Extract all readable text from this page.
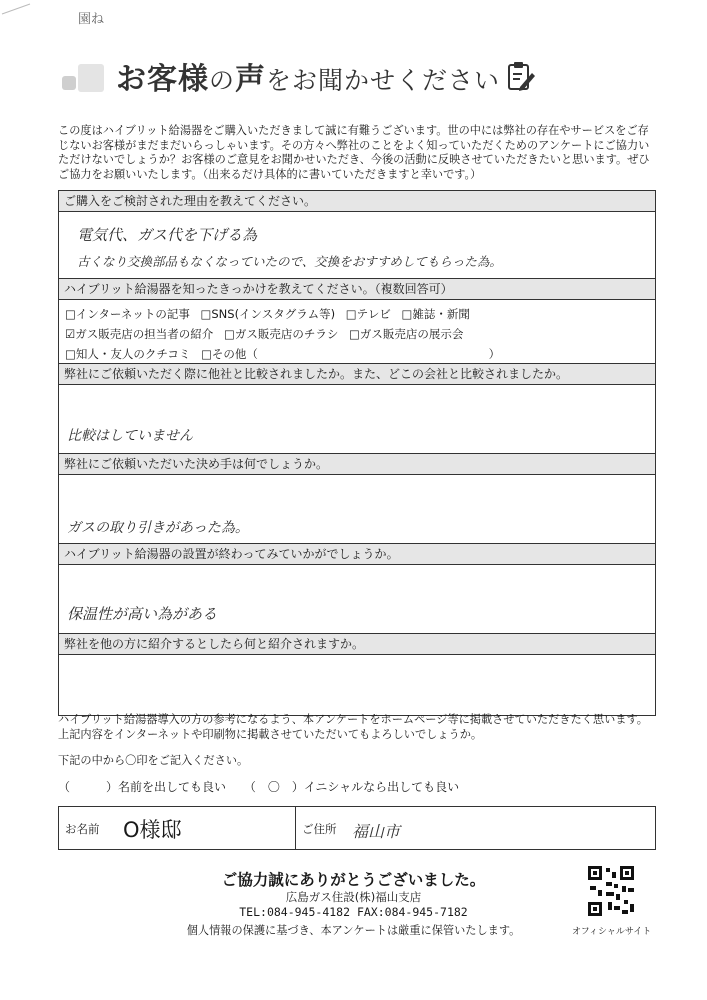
園ね
お客様の声をお聞かせください
この度はハイブリット給湯器をご購入いただきまして誠に有難うございます。世の中には弊社の存在やサービスをご存じないお客様がまだまだいらっしゃいます。その方々へ弊社のことをよく知っていただくためのアンケートにご協力いただけないでしょうか？お客様のご意見をお聞かせいただき、今後の活動に反映させていただきたいと思います。ぜひご協力をお願いいたします。（出来るだけ具体的に書いていただきますと幸いです。）
ご購入をご検討された理由を教えてください。
電気代、ガス代を下げる為
古くなり交換部品もなくなっていたので、交換をおすすめしてもらった為。
ハイブリット給湯器を知ったきっかけを教えてください。（複数回答可）
□インターネットの記事 □SNS(インスタグラム等) □テレビ □雑誌・新聞
☑ガス販売店の担当者の紹介 □ガス販売店のチラシ □ガス販売店の展示会
□知人・友人のクチコミ □その他（	）
弊社にご依頼いただく際に他社と比較されましたか。また、どこの会社と比較されましたか。
比較はしていません
弊社にご依頼いただいた決め手は何でしょうか。
ガスの取り引きがあった為。
ハイブリット給湯器の設置が終わってみていかがでしょうか。
保温性が高い為がある
弊社を他の方に紹介するとしたら何と紹介されますか。
ハイブリット給湯器導入の方の参考になるよう、本アンケートをホームページ等に掲載させていただきたく思います。上記内容をインターネットや印刷物に掲載させていただいてもよろしいでしょうか。
下記の中から〇印をご記入ください。
（　　　）名前を出しても良い （　〇　）イニシャルなら出しても良い
お名前 O様邸	ご住所 福山市
ご協力誠にありがとうございました。
広島ガス住設(株)福山支店
TEL:084-945-4182 FAX:084-945-7182
個人情報の保護に基づき、本アンケートは厳重に保管いたします。	オフィシャルサイト
